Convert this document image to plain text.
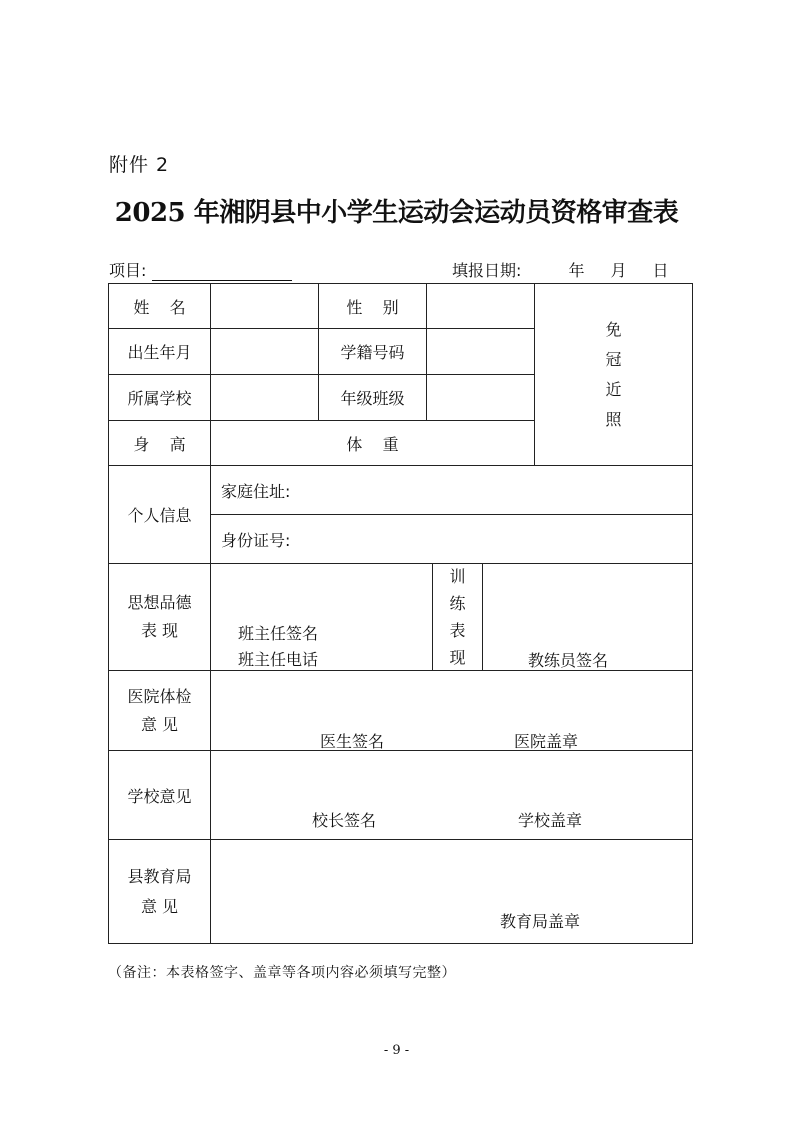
附件 2
2025 年湘阴县中小学生运动会运动员资格审查表
项目:	填报日期:	年 月 日
姓    名	性    别
出生年月	学籍号码
所属学校	年级班级
身    高	体    重
免
冠
近
照
个人信息
家庭住址:
身份证号:
思想品德
表 现	班主任签名
班主任电话
训
练
表
现	教练员签名
医院体检
意 见
医生签名	医院盖章
学校意见
校长签名	学校盖章
县教育局
意 见
教育局盖章
（备注：本表格签字、盖章等各项内容必须填写完整）
- 9 -
